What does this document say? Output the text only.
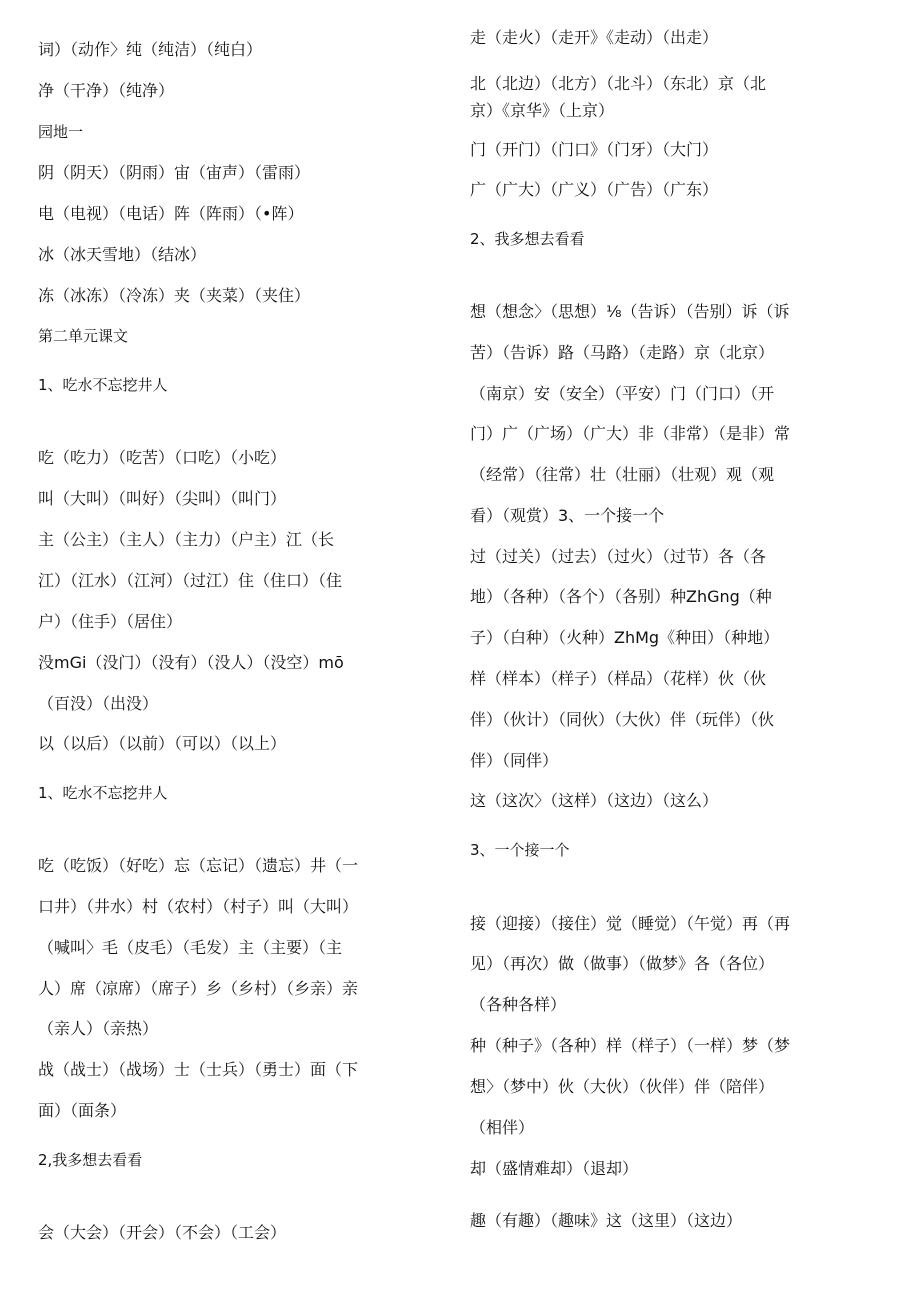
词）（动作〉纯（纯洁）（纯白）
净（干净）（纯净）
园地一
阴（阴天）（阴雨）宙（宙声）（雷雨）
电（电视）（电话）阵（阵雨）（•阵）
冰（冰天雪地）（结冰）
冻（冰冻）（冷冻）夹（夹菜）（夹住）
第二单元课文
1、吃水不忘挖井人
吃（吃力）（吃苦）（口吃）（小吃）
叫（大叫）（叫好）（尖叫）（叫门）
主（公主）（主人）（主力）（户主）江（长
江）（江水）（江河）（过江）住（住口）（住
户）（住手）（居住）
没mGi（没门）（没有）（没人）（没空）mō
（百没）（出没）
以（以后）（以前）（可以）（以上）
1、吃水不忘挖井人
吃（吃饭）（好吃）忘（忘记）（遗忘）井（一
口井）（井水）村（农村）（村子）叫（大叫）
（喊叫〉毛（皮毛）（毛发）主（主要）（主
人）席（凉席）（席子）乡（乡村）（乡亲）亲
（亲人）（亲热）
战（战士）（战场）士（士兵）（勇士）面（下
面）（面条）
2,我多想去看看
会（大会）（开会）（不会）（工会）
走（走火）（走开》《走动）（出走）
北（北边）（北方）（北斗）（东北）京（北
京）《京华》（上京）
门（开门）（门口》（门牙）（大门）
广（广大）（广义）（广告）（广东）
2、我多想去看看
想（想念〉（思想）⅛（告诉）（告别）诉（诉
苦）（告诉）路（马路）（走路）京（北京）
（南京）安（安全）（平安）门（门口）（开
门）广（广场）（广大）非（非常）（是非）常
（经常）（往常）壮（壮丽）（壮观）观（观
看）（观赏）3、一个接一个
过（过关）（过去）（过火）（过节）各（各
地）（各种）（各个）（各别）种ZhGng（种
子）（白种）（火种）ZhMg《种田）（种地）
样（样本）（样子）（样品）（花样）伙（伙
伴）（伙计）（同伙）（大伙）伴（玩伴）（伙
伴）（同伴）
这（这次〉（这样）（这边）（这么）
3、一个接一个
接（迎接）（接住）觉（睡觉）（午觉）再（再
见）（再次）做（做事）（做梦》各（各位）
（各种各样）
种（种子》（各种）样（样子）（一样）梦（梦
想〉（梦中）伙（大伙）（伙伴）伴（陪伴）
（相伴）
却（盛情难却）（退却）
趣（有趣）（趣味》这（这里）（这边）
